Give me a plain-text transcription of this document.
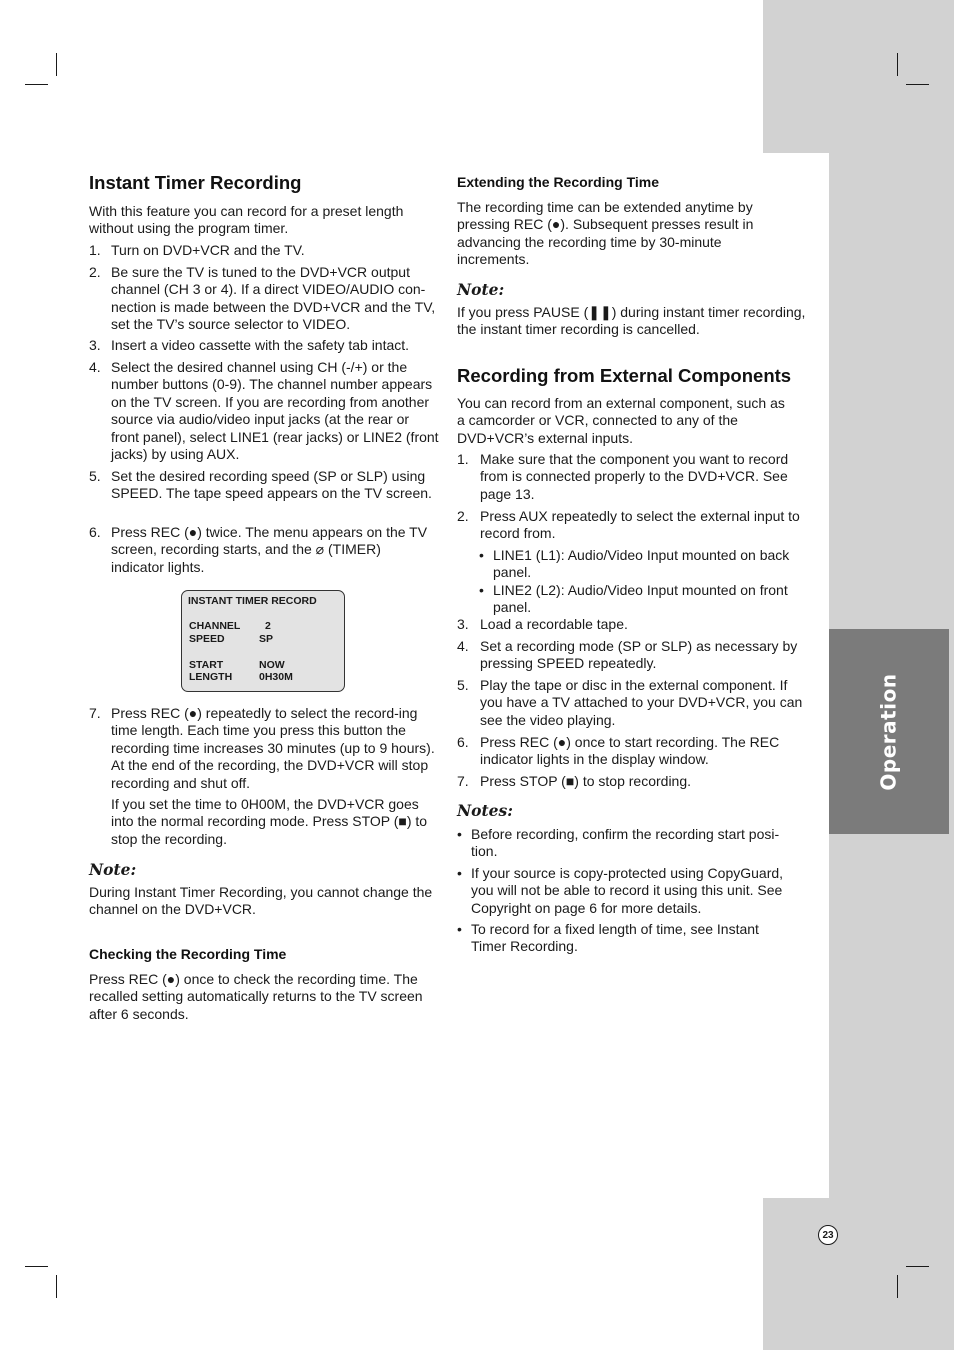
Operation
23
Instant Timer Recording

With this feature you can record for a preset length without using the program timer.

1. Turn on DVD+VCR and the TV.
2. Be sure the TV is tuned to the DVD+VCR output channel (CH 3 or 4). If a direct VIDEO/AUDIO con-nection is made between the DVD+VCR and the TV, set the TV’s source selector to VIDEO.
3. Insert a video cassette with the safety tab intact.
4. Select the desired channel using CH (-/+) or the number buttons (0-9). The channel number appears on the TV screen. If you are recording from another source via audio/video input jacks (at the rear or front panel), select LINE1 (rear jacks) or LINE2 (front jacks) by using AUX.
5. Set the desired recording speed (SP or SLP) using SPEED. The tape speed appears on the TV screen.
6. Press REC (●) twice. The menu appears on the TV screen, recording starts, and the ⌀ (TIMER) indicator lights.
INSTANT TIMER RECORD
CHANNEL 2
SPEED	SP
START	NOW
LENGTH	0H30M
7. Press REC (●) repeatedly to select the record-ing time length. Each time you press this button the recording time increases 30 minutes (up to 9 hours). At the end of the recording, the DVD+VCR will stop recording and shut off.

If you set the time to 0H00M, the DVD+VCR goes into the normal recording mode. Press STOP (■) to stop the recording.

Note:

During Instant Timer Recording, you cannot change the channel on the DVD+VCR.

Checking the Recording Time

Press REC (●) once to check the recording time. The recalled setting automatically returns to the TV screen after 6 seconds.

Extending the Recording Time

The recording time can be extended anytime by pressing REC (●). Subsequent presses result in advancing the recording time by 30-minute increments.

Note:

If you press PAUSE (❚❚) during instant timer recording, the instant timer recording is cancelled.

Recording from External Components

You can record from an external component, such as a camcorder or VCR, connected to any of the DVD+VCR’s external inputs.

1. Make sure that the component you want to record from is connected properly to the DVD+VCR. See page 13.
2. Press AUX repeatedly to select the external input to record from.
• LINE1 (L1): Audio/Video Input mounted on back panel.
• LINE2 (L2): Audio/Video Input mounted on front panel.
3. Load a recordable tape.
4. Set a recording mode (SP or SLP) as necessary by pressing SPEED repeatedly.
5. Play the tape or disc in the external component. If you have a TV attached to your DVD+VCR, you can see the video playing.
6. Press REC (●) once to start recording. The REC indicator lights in the display window.
7. Press STOP (■) to stop recording.

Notes:

• Before recording, confirm the recording start posi-tion.
• If your source is copy-protected using CopyGuard, you will not be able to record it using this unit. See Copyright on page 6 for more details.
• To record for a fixed length of time, see Instant Timer Recording.
